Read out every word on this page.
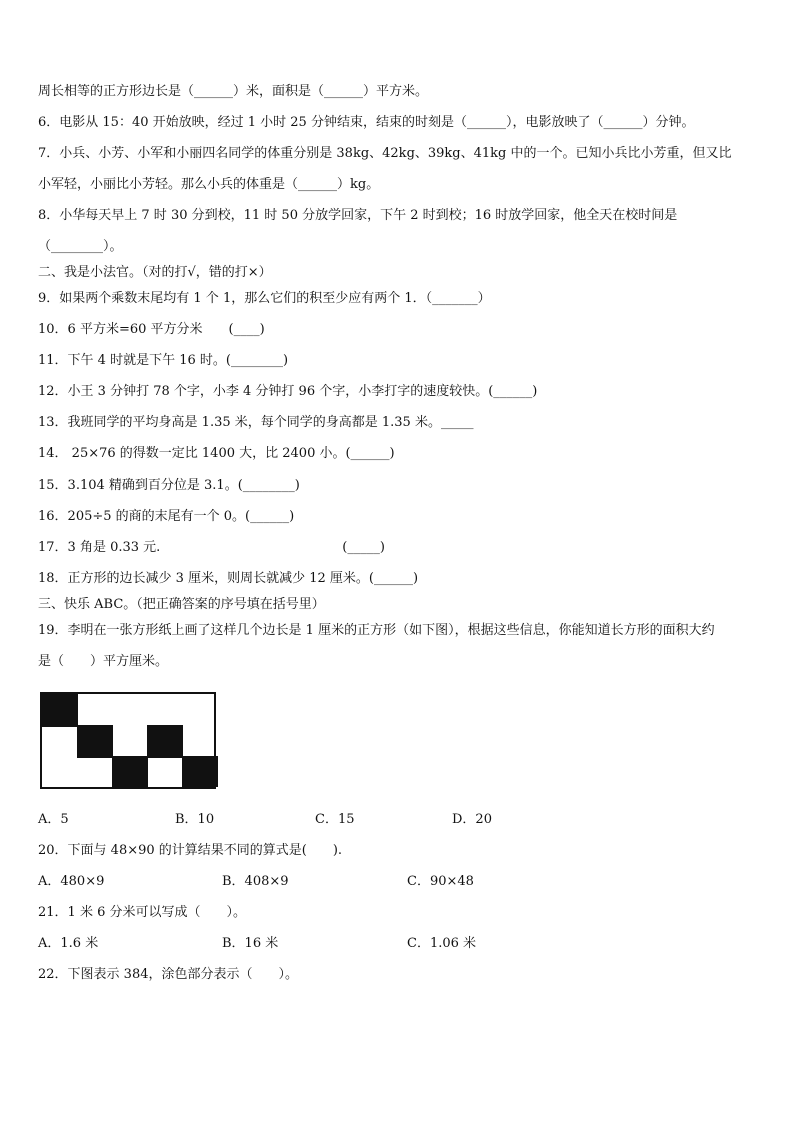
周长相等的正方形边长是（______）米，面积是（______）平方米。
6．电影从 15：40 开始放映，经过 1 小时 25 分钟结束，结束的时刻是（______），电影放映了（______）分钟。
7．小兵、小芳、小军和小丽四名同学的体重分别是 38kg、42kg、39kg、41kg 中的一个。已知小兵比小芳重，但又比
小军轻，小丽比小芳轻。那么小兵的体重是（______）kg。
8．小华每天早上 7 时 30 分到校，11 时 50 分放学回家，下午 2 时到校；16 时放学回家，他全天在校时间是
（________）。
二、我是小法官。（对的打√，错的打×）
9．如果两个乘数末尾均有 1 个 1，那么它们的积至少应有两个 1．（_______）
10．6 平方米=60 平方分米　　(____)
11．下午 4 时就是下午 16 时。(________)
12．小王 3 分钟打 78 个字，小李 4 分钟打 96 个字，小李打字的速度较快。(______)
13．我班同学的平均身高是 1.35 米，每个同学的身高都是 1.35 米。_____
14． 25×76 的得数一定比 1400 大，比 2400 小。(______)
15．3.104 精确到百分位是 3.1。(________)
16．205÷5 的商的末尾有一个 0。(______)
17．3 角是 0.33 元.　　　　　　　　　　　　　　(_____)
18．正方形的边长减少 3 厘米，则周长就减少 12 厘米。(______)
三、快乐 ABC。（把正确答案的序号填在括号里）
19．李明在一张方形纸上画了这样几个边长是 1 厘米的正方形（如下图），根据这些信息，你能知道长方形的面积大约
是（　　）平方厘米。
A．5	B．10	C．15	D．20
20．下面与 48×90 的计算结果不同的算式是(　　).
A．480×9	B．408×9	C．90×48
21．1 米 6 分米可以写成（　　）。
A．1.6 米	B．16 米	C．1.06 米
22．下图表示 384，涂色部分表示（　　）。
